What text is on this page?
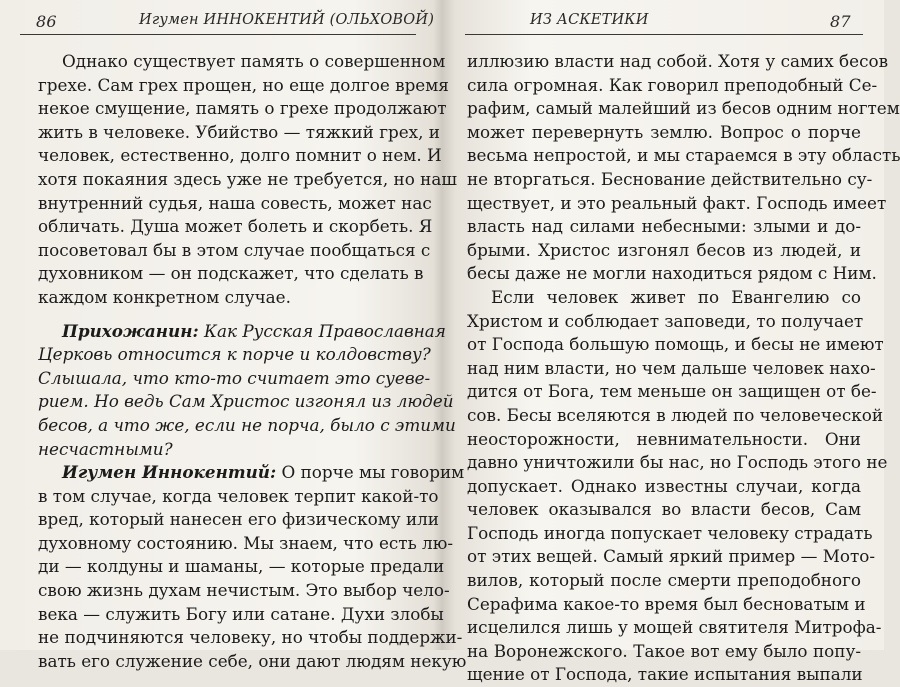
86	Игумен ИННОКЕНТИЙ (ОЛЬХОВОЙ)
Однако существует память о совершенном
грехе. Сам грех прощен, но еще долгое время
некое смущение, память о грехе продолжают
жить в человеке. Убийство — тяжкий грех, и
человек, естественно, долго помнит о нем. И
хотя покаяния здесь уже не требуется, но наш
внутренний судья, наша совесть, может нас
обличать. Душа может болеть и скорбеть. Я
посоветовал бы в этом случае пообщаться с
духовником — он подскажет, что сделать в
каждом конкретном случае.
Прихожанин: Как Русская Православная
Церковь относится к порче и колдовству?
Слышала, что кто-то считает это суеве-
рием. Но ведь Сам Христос изгонял из людей
бесов, а что же, если не порча, было с этими
несчастными?
Игумен Иннокентий: О порче мы говорим
в том случае, когда человек терпит какой-то
вред, который нанесен его физическому или
духовному состоянию. Мы знаем, что есть лю-
ди — колдуны и шаманы, — которые предали
свою жизнь духам нечистым. Это выбор чело-
века — служить Богу или сатане. Духи злобы
не подчиняются человеку, но чтобы поддержи-
вать его служение себе, они дают людям некую
ИЗ АСКЕТИКИ	87
иллюзию власти над собой. Хотя у самих бесов
сила огромная. Как говорил преподобный Се-
рафим, самый малейший из бесов одним ногтем
может перевернуть землю. Вопрос о порче
весьма непростой, и мы стараемся в эту область
не вторгаться. Беснование действительно су-
ществует, и это реальный факт. Господь имеет
власть над силами небесными: злыми и до-
брыми. Христос изгонял бесов из людей, и
бесы даже не могли находиться рядом с Ним.
Если человек живет по Евангелию со
Христом и соблюдает заповеди, то получает
от Господа большую помощь, и бесы не имеют
над ним власти, но чем дальше человек нахо-
дится от Бога, тем меньше он защищен от бе-
сов. Бесы вселяются в людей по человеческой
неосторожности, невнимательности. Они
давно уничтожили бы нас, но Господь этого не
допускает. Однако известны случаи, когда
человек оказывался во власти бесов, Сам
Господь иногда попускает человеку страдать
от этих вещей. Самый яркий пример — Мото-
вилов, который после смерти преподобного
Серафима какое-то время был бесноватым и
исцелился лишь у мощей святителя Митрофа-
на Воронежского. Такое вот ему было попу-
щение от Господа, такие испытания выпали
